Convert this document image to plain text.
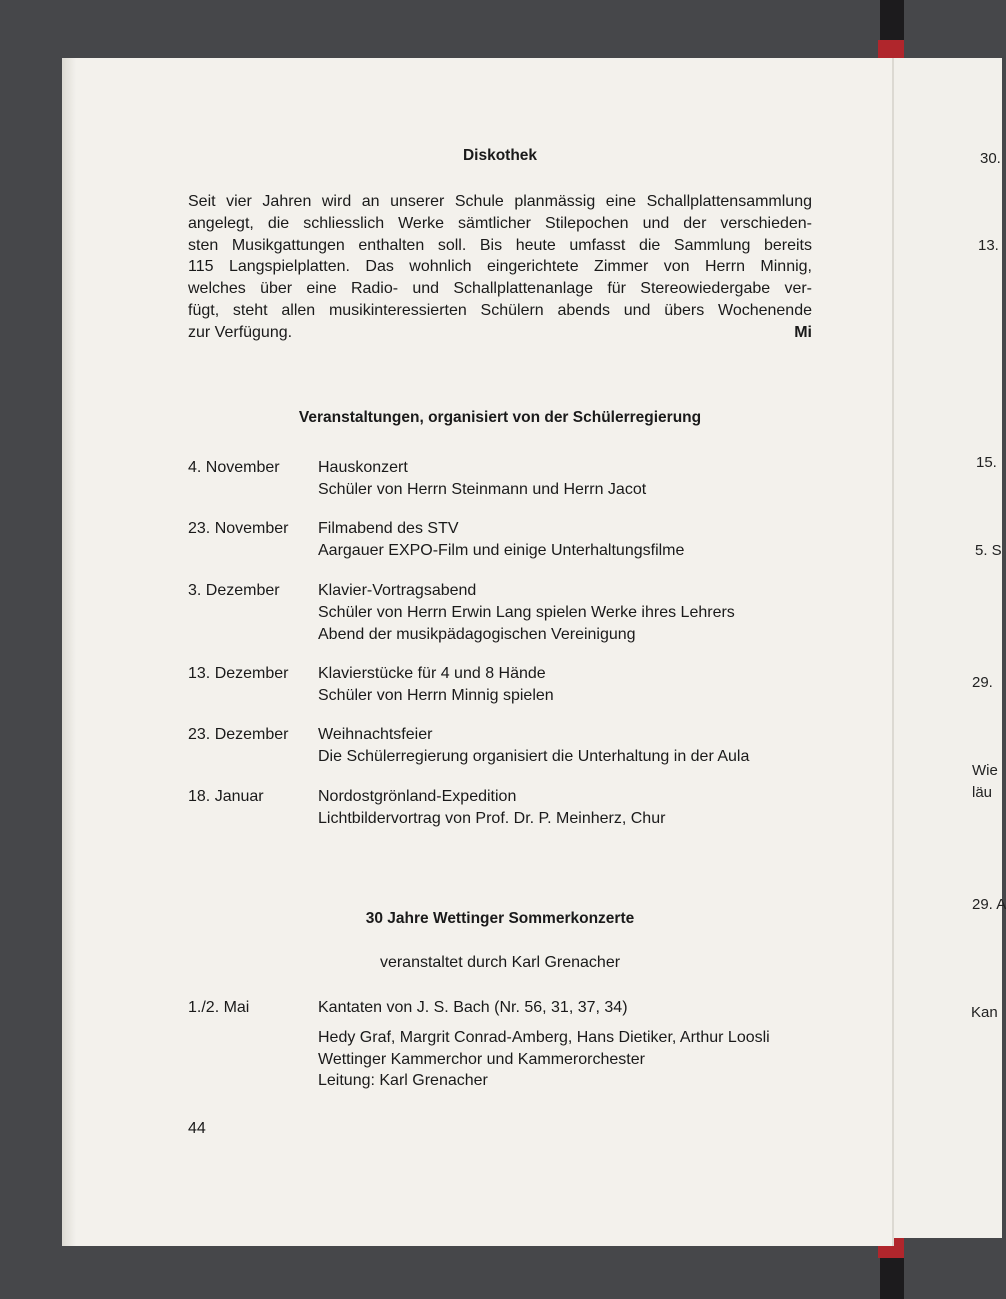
30.
13.
15.
5. S
29.
Wie
läu
29. A
Kan
Diskothek

Seit vier Jahren wird an unserer Schule planmässig eine Schallplattensammlung

angelegt, die schliesslich Werke sämtlicher Stilepochen und der verschieden-

sten Musikgattungen enthalten soll. Bis heute umfasst die Sammlung bereits

115 Langspielplatten. Das wohnlich eingerichtete Zimmer von Herrn Minnig,

welches über eine Radio- und Schallplattenanlage für Stereowiedergabe ver-

fügt, steht allen musikinteressierten Schülern abends und übers Wochenende

zur Verfügung.	Mi

Veranstaltungen, organisiert von der Schülerregierung
4. November	Hauskonzert
Schüler von Herrn Steinmann und Herrn Jacot
23. November	Filmabend des STV
Aargauer EXPO-Film und einige Unterhaltungsfilme
3. Dezember	Klavier-Vortragsabend
Schüler von Herrn Erwin Lang spielen Werke ihres Lehrers
Abend der musikpädagogischen Vereinigung
13. Dezember	Klavierstücke für 4 und 8 Hände
Schüler von Herrn Minnig spielen
23. Dezember	Weihnachtsfeier
Die Schülerregierung organisiert die Unterhaltung in der Aula
18. Januar	Nordostgrönland-Expedition
Lichtbildervortrag von Prof. Dr. P. Meinherz, Chur
30 Jahre Wettinger Sommerkonzerte
veranstaltet durch Karl Grenacher
1./2. Mai	Kantaten von J. S. Bach (Nr. 56, 31, 37, 34)
Hedy Graf, Margrit Conrad-Amberg, Hans Dietiker, Arthur Loosli
Wettinger Kammerchor und Kammerorchester
Leitung: Karl Grenacher
44
